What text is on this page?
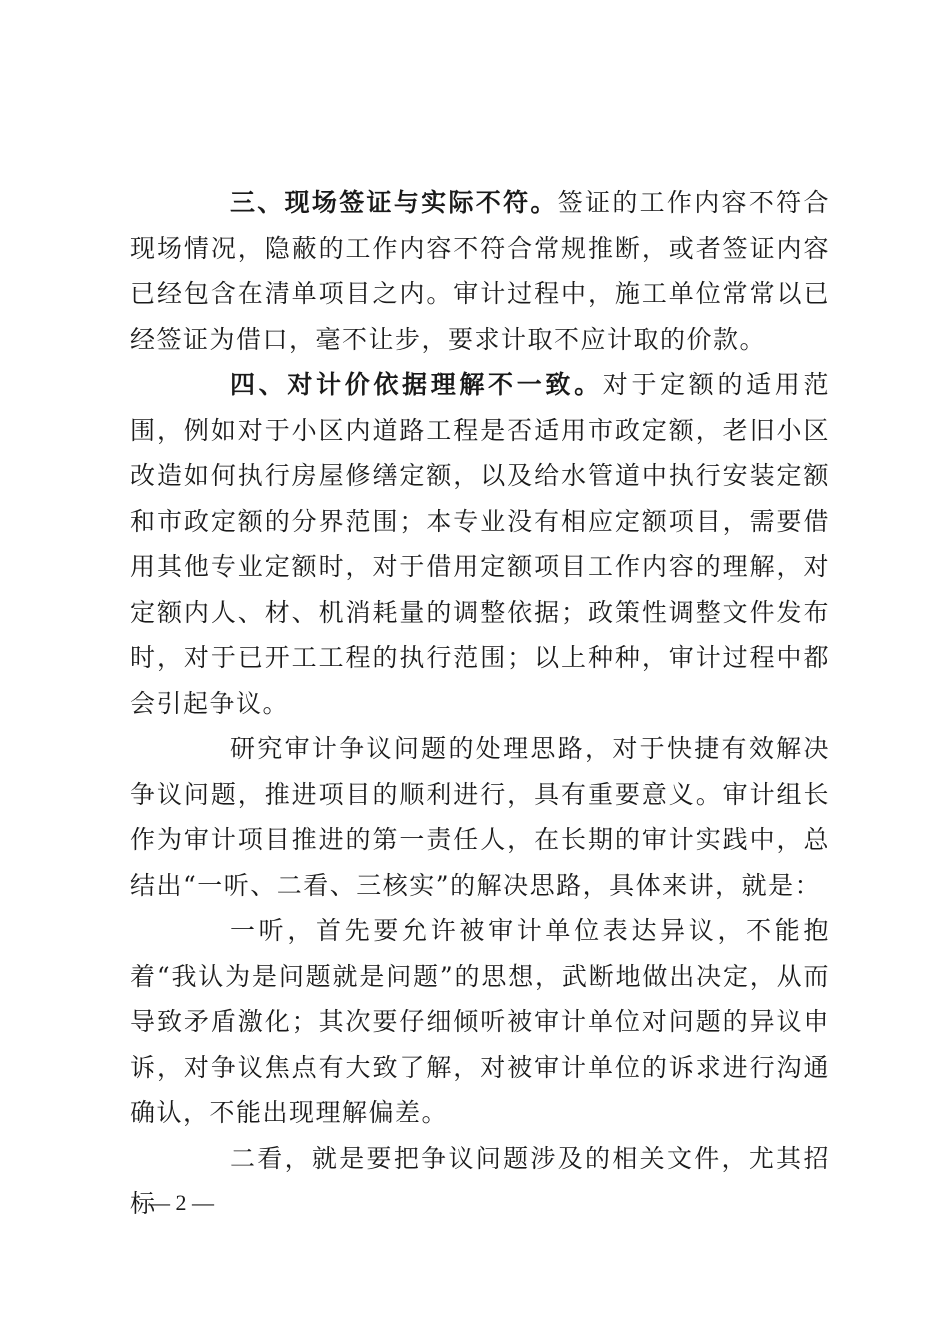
三、现场签证与实际不符。签证的工作内容不符合现场情况，隐蔽的工作内容不符合常规推断，或者签证内容已经包含在清单项目之内。审计过程中，施工单位常常以已经签证为借口，毫不让步，要求计取不应计取的价款。

四、对计价依据理解不一致。对于定额的适用范围，例如对于小区内道路工程是否适用市政定额，老旧小区改造如何执行房屋修缮定额，以及给水管道中执行安装定额和市政定额的分界范围；本专业没有相应定额项目，需要借用其他专业定额时，对于借用定额项目工作内容的理解，对定额内人、材、机消耗量的调整依据；政策性调整文件发布时，对于已开工工程的执行范围；以上种种，审计过程中都会引起争议。

研究审计争议问题的处理思路，对于快捷有效解决争议问题，推进项目的顺利进行，具有重要意义。审计组长作为审计项目推进的第一责任人，在长期的审计实践中，总结出“一听、二看、三核实”的解决思路，具体来讲，就是：

一听，首先要允许被审计单位表达异议，不能抱着“我认为是问题就是问题”的思想，武断地做出决定，从而导致矛盾激化；其次要仔细倾听被审计单位对问题的异议申诉，对争议焦点有大致了解，对被审计单位的诉求进行沟通确认，不能出现理解偏差。

二看，就是要把争议问题涉及的相关文件，尤其招标

— 2 —
